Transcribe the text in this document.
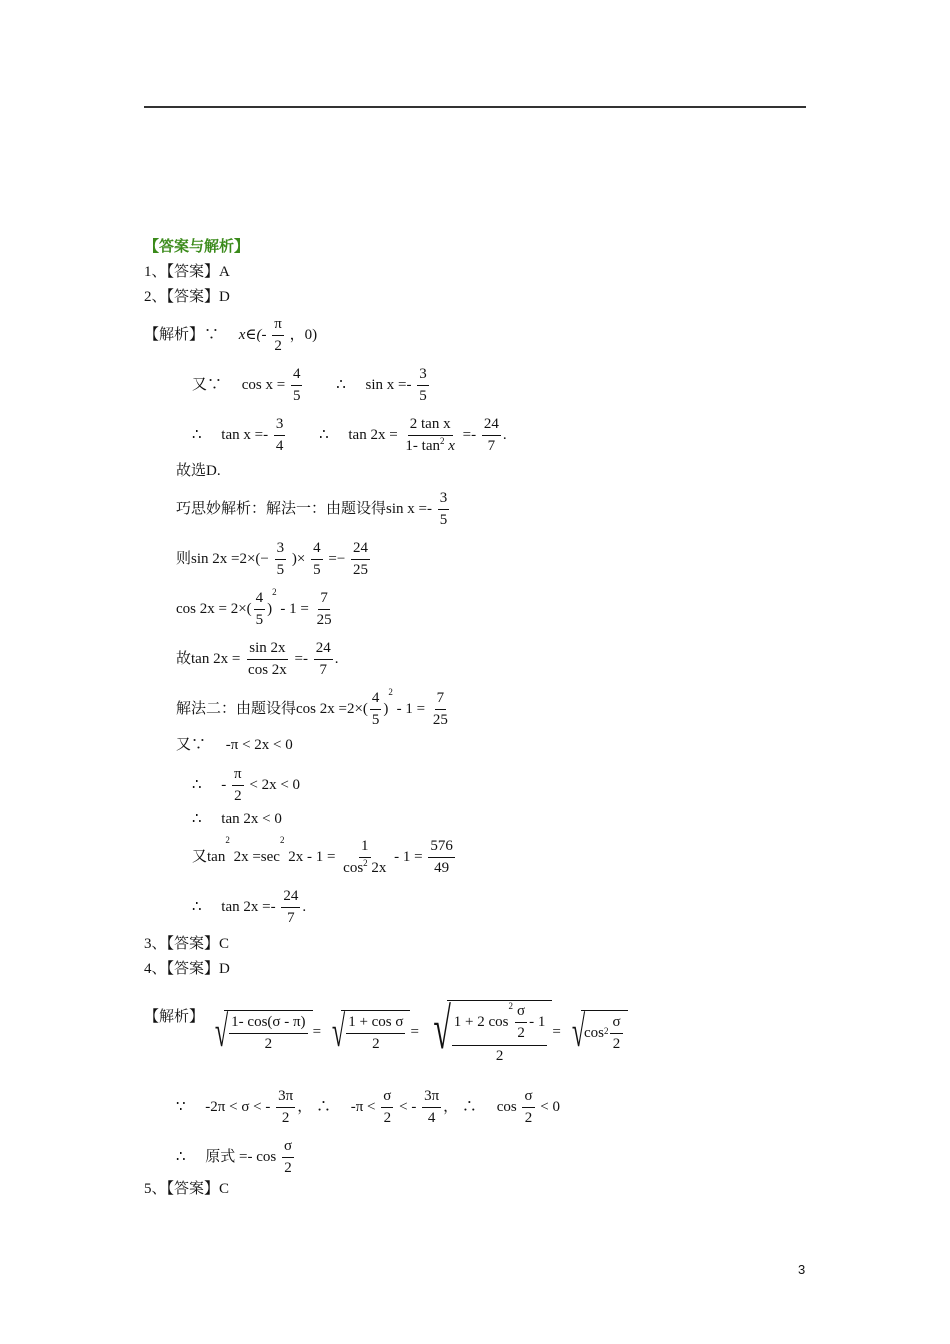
【答案与解析】
1、【答案】A
2、【答案】D
【解析】∵ x∈(- $\frac{\pi}{2}$ ，0)
又∵ $\cos x = \frac{4}{5}$ ∴ $\sin x =- \frac{3}{5}$
∴ $\tan x =- \frac{3}{4}$ ∴ $\tan 2x = \frac{\text{2 tan x}}{1- \tan^2 x} =- \frac{24}{7}$ .
故选D.
巧思妙解析：解法一：由题设得$\sin x =- \frac{3}{5}$
则$\sin 2x =2\times(- \frac{3}{5}$ )× $\frac{4}{5} =- \frac{24}{25}$
$\cos 2x = 2\times( \frac{4}{5} )^2 - 1 = \frac{7}{25}$
故$\tan 2x = \frac{\sin 2x}{\cos 2x} =- \frac{24}{7}$ .
解法二：由题设得$\cos 2x =2\times( \frac{4}{5} )^2 - 1 = \frac{7}{25}$
又∵ -π < 2x < 0
∴ - $\frac{\pi}{2} < 2x < 0$
∴ tan 2x < 0
又$\tan^2 2x =\sec^2$ $2x - 1 = \frac{1}{\cos^2 2x} - 1 = \frac{576}{49}$
∴ $\tan 2x =- \frac{24}{7}$ .
3、【答案】C
4、【答案】D
【解析】 √ $\frac{1- \cos(\sigma - \pi)}{2}$ = √ $\frac{\text{1 + cos σ}}{2}$ = √ $\frac{1 + 2 \cos^2 \frac{\sigma}{2} - 1}{2}$ = √ $\cos 2 \frac{\sigma}{2}$
∵ -2π < σ < - $\frac{3\pi}{2}$ ， ∴ $-\pi < \frac{\sigma}{2}$ < - $\frac{3\pi}{4}$ ， ∴ $\cos \frac{\sigma}{2} < 0$
∴ 原式 =- $\cos \frac{\sigma}{2}$
5、【答案】C
3
